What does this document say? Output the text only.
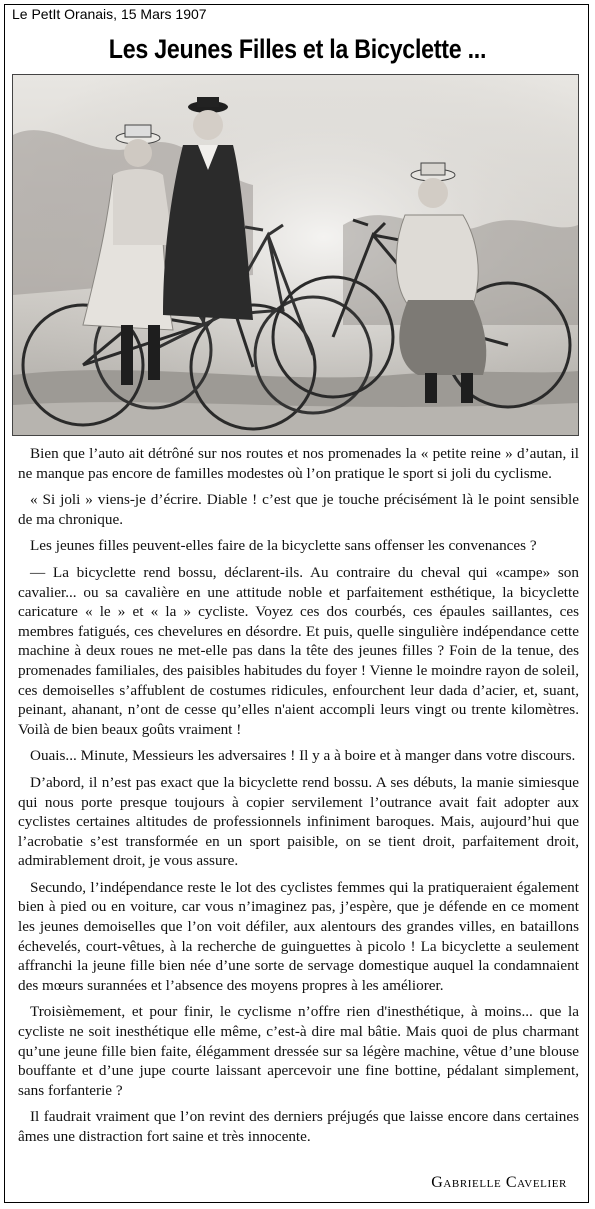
Le PetIt Oranais, 15 Mars 1907
Les Jeunes Filles et la Bicyclette ...

Bien que l’auto ait détrôné sur nos routes et nos promenades la « petite reine » d’autan, il ne manque pas encore de familles modestes où l’on pratique le sport si joli du cyclisme.

« Si joli » viens-je d’écrire. Diable ! c’est que je touche précisément là le point sensible de ma chronique.

Les jeunes filles peuvent-elles faire de la bicyclette sans offenser les convenances ?

— La bicyclette rend bossu, déclarent-ils. Au contraire du cheval qui «campe» son cavalier... ou sa cavalière en une attitude noble et parfaitement esthétique, la bicyclette caricature « le » et « la » cycliste. Voyez ces dos courbés, ces épaules saillantes, ces membres fatigués, ces chevelures en désordre. Et puis, quelle singulière indépendance cette machine à deux roues ne met-elle pas dans la tête des jeunes filles ? Foin de la tenue, des promenades familiales, des paisibles habitudes du foyer ! Vienne le moindre rayon de soleil, ces demoiselles s’affublent de costumes ridicules, enfourchent leur dada d’acier, et, suant, peinant, ahanant, n’ont de cesse qu’elles n'aient accompli leurs vingt ou trente kilomètres. Voilà de bien beaux goûts vraiment !

Ouais... Minute, Messieurs les adversaires ! Il y a à boire et à manger dans votre discours.

D’abord, il n’est pas exact que la bicyclette rend bossu. A ses débuts, la manie simiesque qui nous porte presque toujours à copier servilement l’outrance avait fait adopter aux cyclistes certaines altitudes de professionnels infiniment baroques. Mais, aujourd’hui que l’acrobatie s’est transformée en un sport paisible, on se tient droit, parfaitement droit, admirablement droit, je vous assure.

Secundo, l’indépendance reste le lot des cyclistes femmes qui la pratiqueraient également bien à pied ou en voiture, car vous n’imaginez pas, j’espère, que je défende en ce moment les jeunes demoiselles que l’on voit défiler, aux alentours des grandes villes, en bataillons échevelés, court-vêtues, à la recherche de guinguettes à picolo ! La bicyclette a seulement affranchi la jeune fille bien née d’une sorte de servage domestique auquel la condamnaient des mœurs surannées et l’absence des moyens propres à les améliorer.

Troisièmement, et pour finir, le cyclisme n’offre rien d'inesthétique, à moins... que la cycliste ne soit inesthétique elle même, c’est-à dire mal bâtie. Mais quoi de plus charmant qu’une jeune fille bien faite, élégamment dressée sur sa légère machine, vêtue d’une blouse bouffante et d’une jupe courte laissant apercevoir une fine bottine, pédalant simplement, sans forfanterie ?

Il faudrait vraiment que l’on revint des derniers préjugés que laisse encore dans certaines âmes une distraction fort saine et très innocente.

Gabrielle Cavelier
